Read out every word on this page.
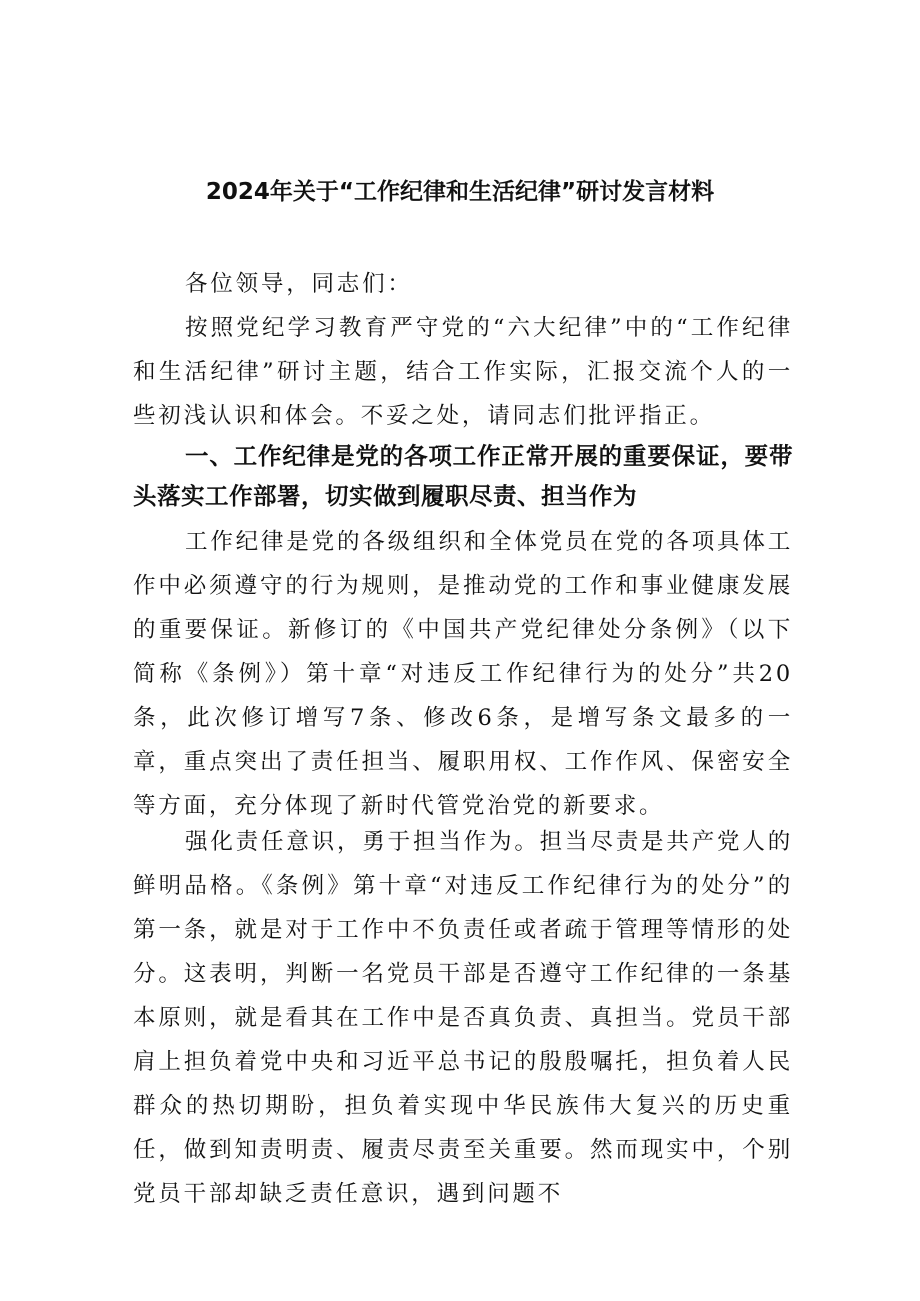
2024年关于“工作纪律和生活纪律”研讨发言材料

各位领导，同志们：

按照党纪学习教育严守党的“六大纪律”中的“工作纪律和生活纪律”研讨主题，结合工作实际，汇报交流个人的一些初浅认识和体会。不妥之处，请同志们批评指正。

一、工作纪律是党的各项工作正常开展的重要保证，要带头落实工作部署，切实做到履职尽责、担当作为

工作纪律是党的各级组织和全体党员在党的各项具体工作中必须遵守的行为规则，是推动党的工作和事业健康发展的重要保证。新修订的《中国共产党纪律处分条例》（以下简称《条例》）第十章“对违反工作纪律行为的处分”共20条，此次修订增写7条、修改6条，是增写条文最多的一章，重点突出了责任担当、履职用权、工作作风、保密安全等方面，充分体现了新时代管党治党的新要求。

强化责任意识，勇于担当作为。担当尽责是共产党人的鲜明品格。《条例》第十章“对违反工作纪律行为的处分”的第一条，就是对于工作中不负责任或者疏于管理等情形的处分。这表明，判断一名党员干部是否遵守工作纪律的一条基本原则，就是看其在工作中是否真负责、真担当。党员干部肩上担负着党中央和习近平总书记的殷殷嘱托，担负着人民群众的热切期盼，担负着实现中华民族伟大复兴的历史重任，做到知责明责、履责尽责至关重要。然而现实中，个别党员干部却缺乏责任意识，遇到问题不
